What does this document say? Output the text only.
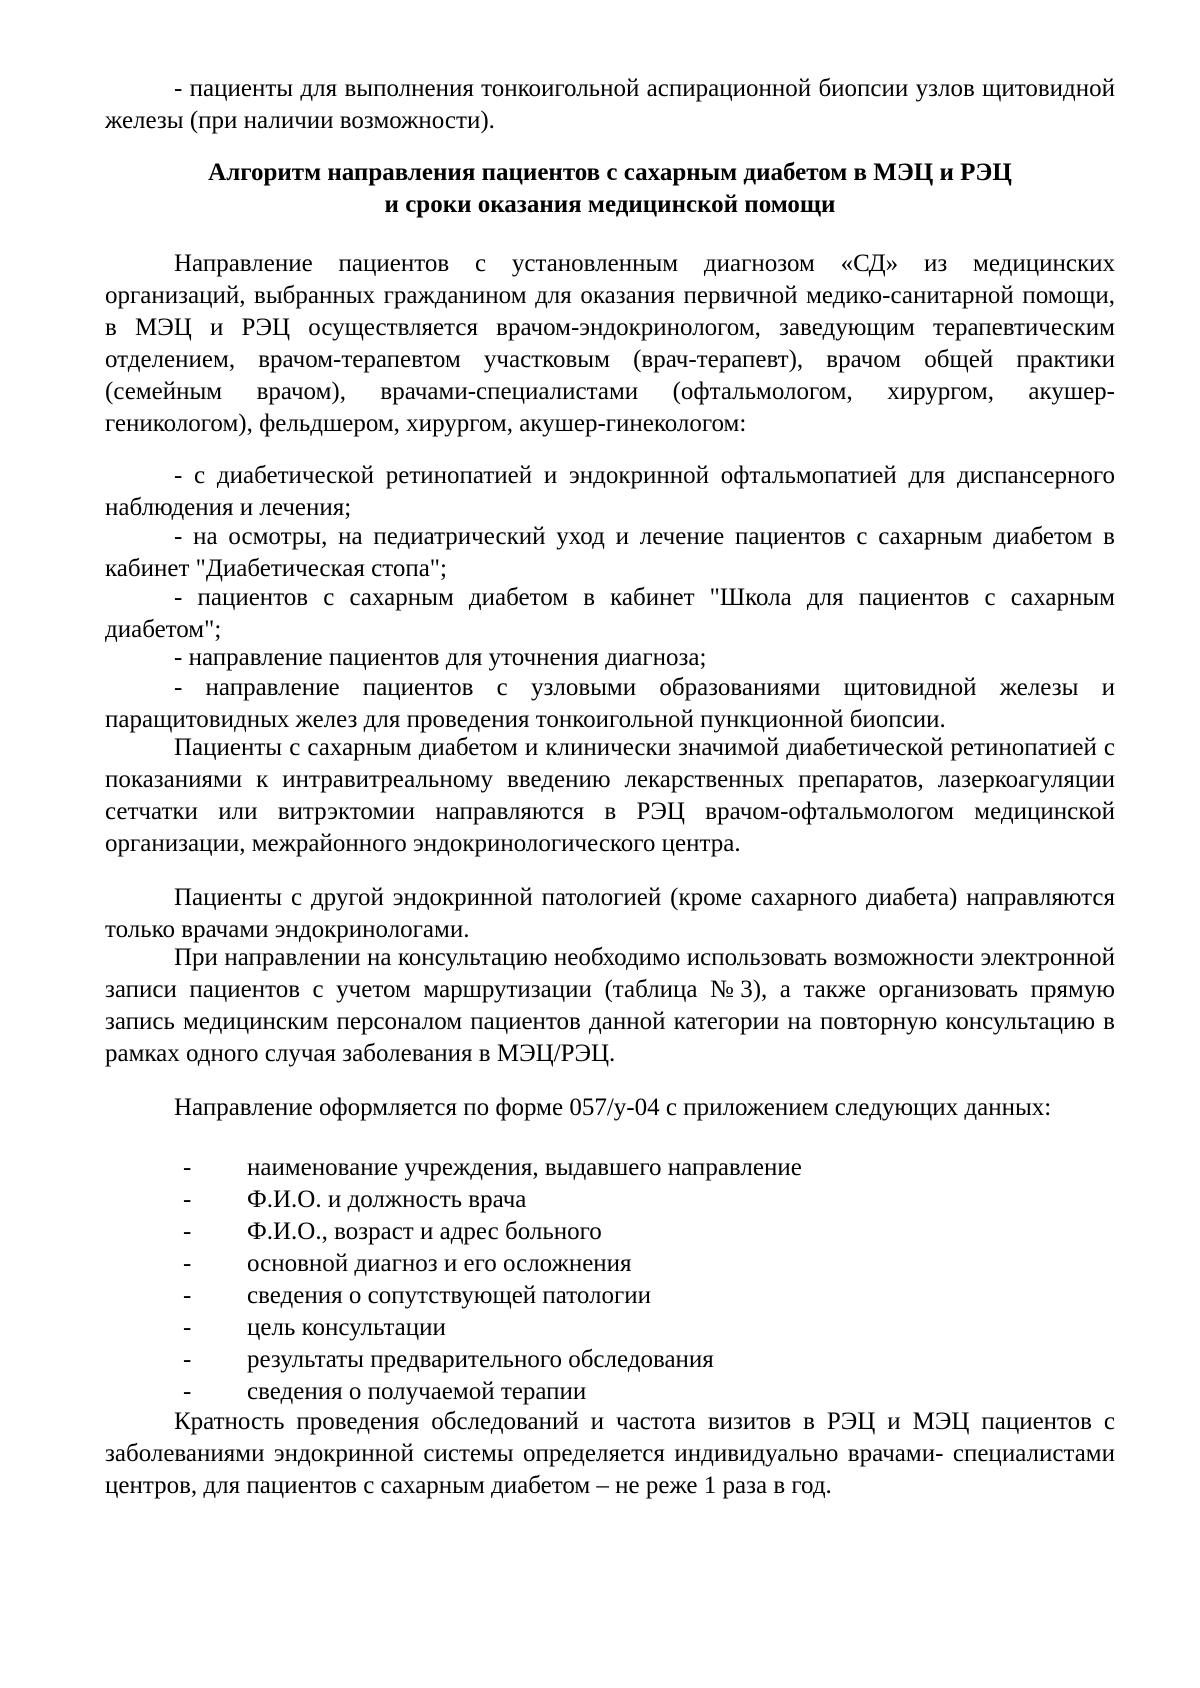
- пациенты для выполнения тонкоигольной аспирационной биопсии узлов щитовидной железы (при наличии возможности).
Алгоритм направления пациентов с сахарным диабетом в МЭЦ и РЭЦ
и сроки оказания медицинской помощи
Направление пациентов с установленным диагнозом «СД» из медицинских организаций, выбранных гражданином для оказания первичной медико-санитарной помощи, в МЭЦ и РЭЦ осуществляется врачом-эндокринологом, заведующим терапевтическим отделением, врачом-терапевтом участковым (врач-терапевт), врачом общей практики (семейным врачом), врачами-специалистами (офтальмологом, хирургом, акушер-гениколoгом), фельдшером, хирургом, акушер-гинекологом:
- с диабетической ретинопатией и эндокринной офтальмопатией для диспансерного наблюдения и лечения;
- на осмотры, на педиатрический уход и лечение пациентов с сахарным диабетом в кабинет "Диабетическая стопа";
- пациентов с сахарным диабетом в кабинет "Школа для пациентов с сахарным диабетом";
- направление пациентов для уточнения диагноза;
- направление пациентов с узловыми образованиями щитовидной железы и паращитовидных желез для проведения тонкоигольной пункционной биопсии.
Пациенты с сахарным диабетом и клинически значимой диабетической ретинопатией с показаниями к интравитреальному введению лекарственных препаратов, лазеркоагуляции сетчатки или витрэктомии направляются в РЭЦ врачом-офтальмологом медицинской организации, межрайонного эндокринологического центра.
Пациенты с другой эндокринной патологией (кроме сахарного диабета) направляются только врачами эндокринологами.
При направлении на консультацию необходимо использовать возможности электронной записи пациентов с учетом маршрутизации (таблица №3), а также организовать прямую запись медицинским персоналом пациентов данной категории на повторную консультацию в рамках одного случая заболевания в МЭЦ/РЭЦ.
Направление оформляется по форме 057/у-04 с приложением следующих данных:
- наименование учреждения, выдавшего направление
- Ф.И.О. и должность врача
- Ф.И.О., возраст и адрес больного
- основной диагноз и его осложнения
- сведения о сопутствующей патологии
- цель консультации
- результаты предварительного обследования
- сведения о получаемой терапии
Кратность проведения обследований и частота визитов в РЭЦ и МЭЦ пациентов с заболеваниями эндокринной системы определяется индивидуально врачами- специалистами центров, для пациентов с сахарным диабетом – не реже 1 раза в год.
